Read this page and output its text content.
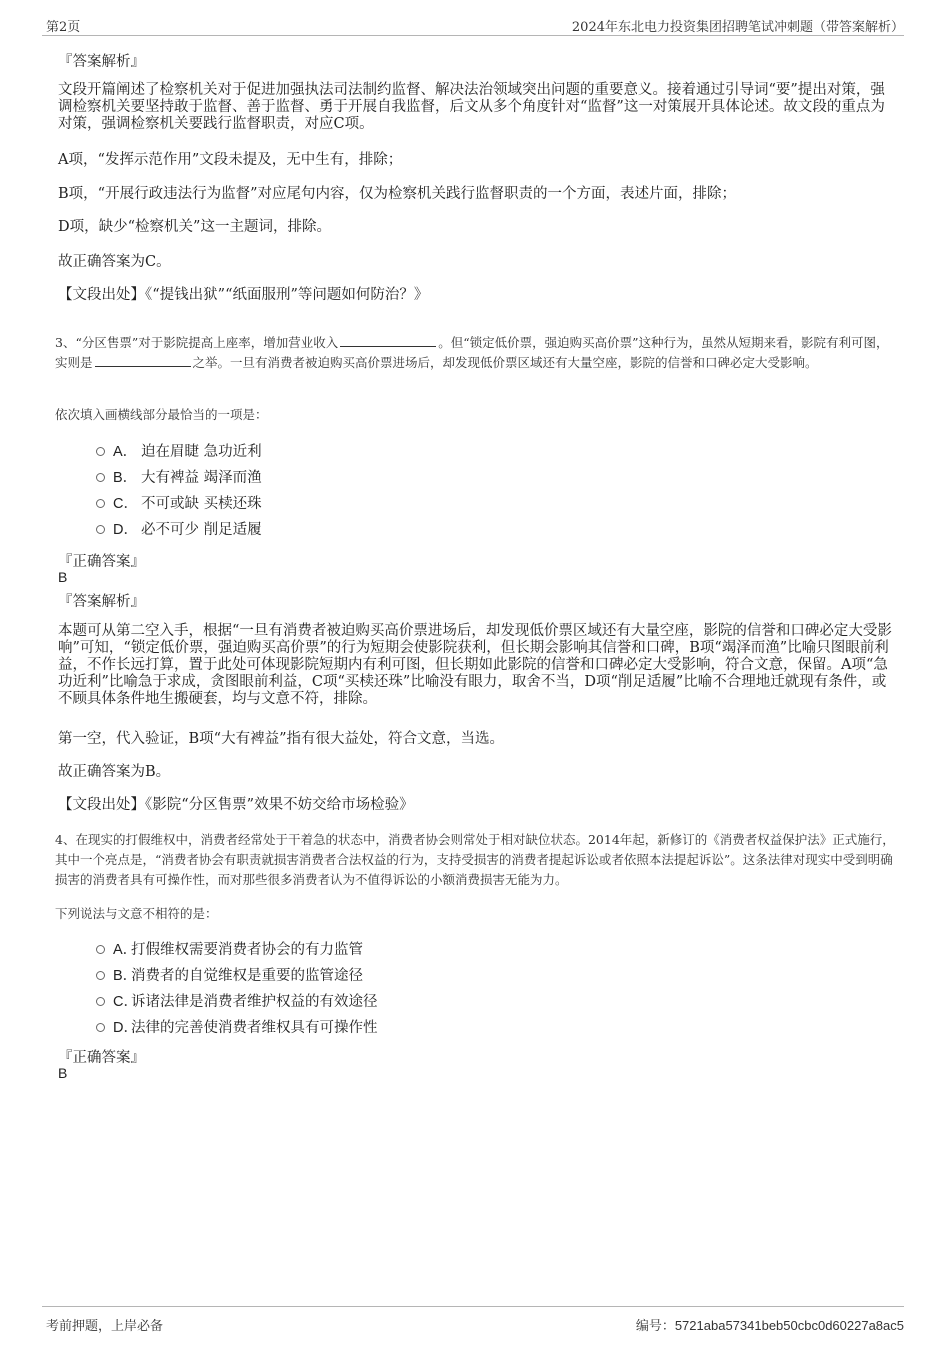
第2页	2024年东北电力投资集团招聘笔试冲刺题（带答案解析）
『答案解析』
文段开篇阐述了检察机关对于促进加强执法司法制约监督、解决法治领域突出问题的重要意义。接着通过引导词“要”提出对策，强调检察机关要坚持敢于监督、善于监督、勇于开展自我监督，后文从多个角度针对“监督”这一对策展开具体论述。故文段的重点为对策，强调检察机关要践行监督职责，对应C项。
A项，“发挥示范作用”文段未提及，无中生有，排除；
B项，“开展行政违法行为监督”对应尾句内容，仅为检察机关践行监督职责的一个方面，表述片面，排除；
D项，缺少“检察机关”这一主题词，排除。
故正确答案为C。
【文段出处】《“提钱出狱”“纸面服刑”等问题如何防治？》
3、“分区售票”对于影院提高上座率，增加营业收入	。但“锁定低价票，强迫购买高价票”这种行为，虽然从短期来看，影院有利可图，实则是	之举。一旦有消费者被迫购买高价票进场后，却发现低价票区域还有大量空座，影院的信誉和口碑必定大受影响。
依次填入画横线部分最恰当的一项是：
A． 迫在眉睫 急功近利
B． 大有裨益 竭泽而渔
C． 不可或缺 买椟还珠
D． 必不可少 削足适履
『正确答案』
B
『答案解析』
本题可从第二空入手，根据“一旦有消费者被迫购买高价票进场后，却发现低价票区域还有大量空座，影院的信誉和口碑必定大受影响”可知，“锁定低价票，强迫购买高价票”的行为短期会使影院获利，但长期会影响其信誉和口碑，B项“竭泽而渔”比喻只图眼前利益，不作长远打算，置于此处可体现影院短期内有利可图，但长期如此影院的信誉和口碑必定大受影响，符合文意，保留。A项“急功近利”比喻急于求成，贪图眼前利益，C项“买椟还珠”比喻没有眼力，取舍不当，D项“削足适履”比喻不合理地迁就现有条件，或不顾具体条件地生搬硬套，均与文意不符，排除。
第一空，代入验证，B项“大有裨益”指有很大益处，符合文意，当选。
故正确答案为B。
【文段出处】《影院“分区售票”效果不妨交给市场检验》
4、在现实的打假维权中，消费者经常处于干着急的状态中，消费者协会则常处于相对缺位状态。2014年起，新修订的《消费者权益保护法》正式施行，其中一个亮点是，“消费者协会有职责就损害消费者合法权益的行为，支持受损害的消费者提起诉讼或者依照本法提起诉讼”。这条法律对现实中受到明确损害的消费者具有可操作性，而对那些很多消费者认为不值得诉讼的小额消费损害无能为力。
下列说法与文意不相符的是：
A．打假维权需要消费者协会的有力监管
B．消费者的自觉维权是重要的监管途径
C．诉诸法律是消费者维护权益的有效途径
D．法律的完善使消费者维权具有可操作性
『正确答案』
B
考前押题，上岸必备	编号：5721aba57341beb50cbc0d60227a8ac5
